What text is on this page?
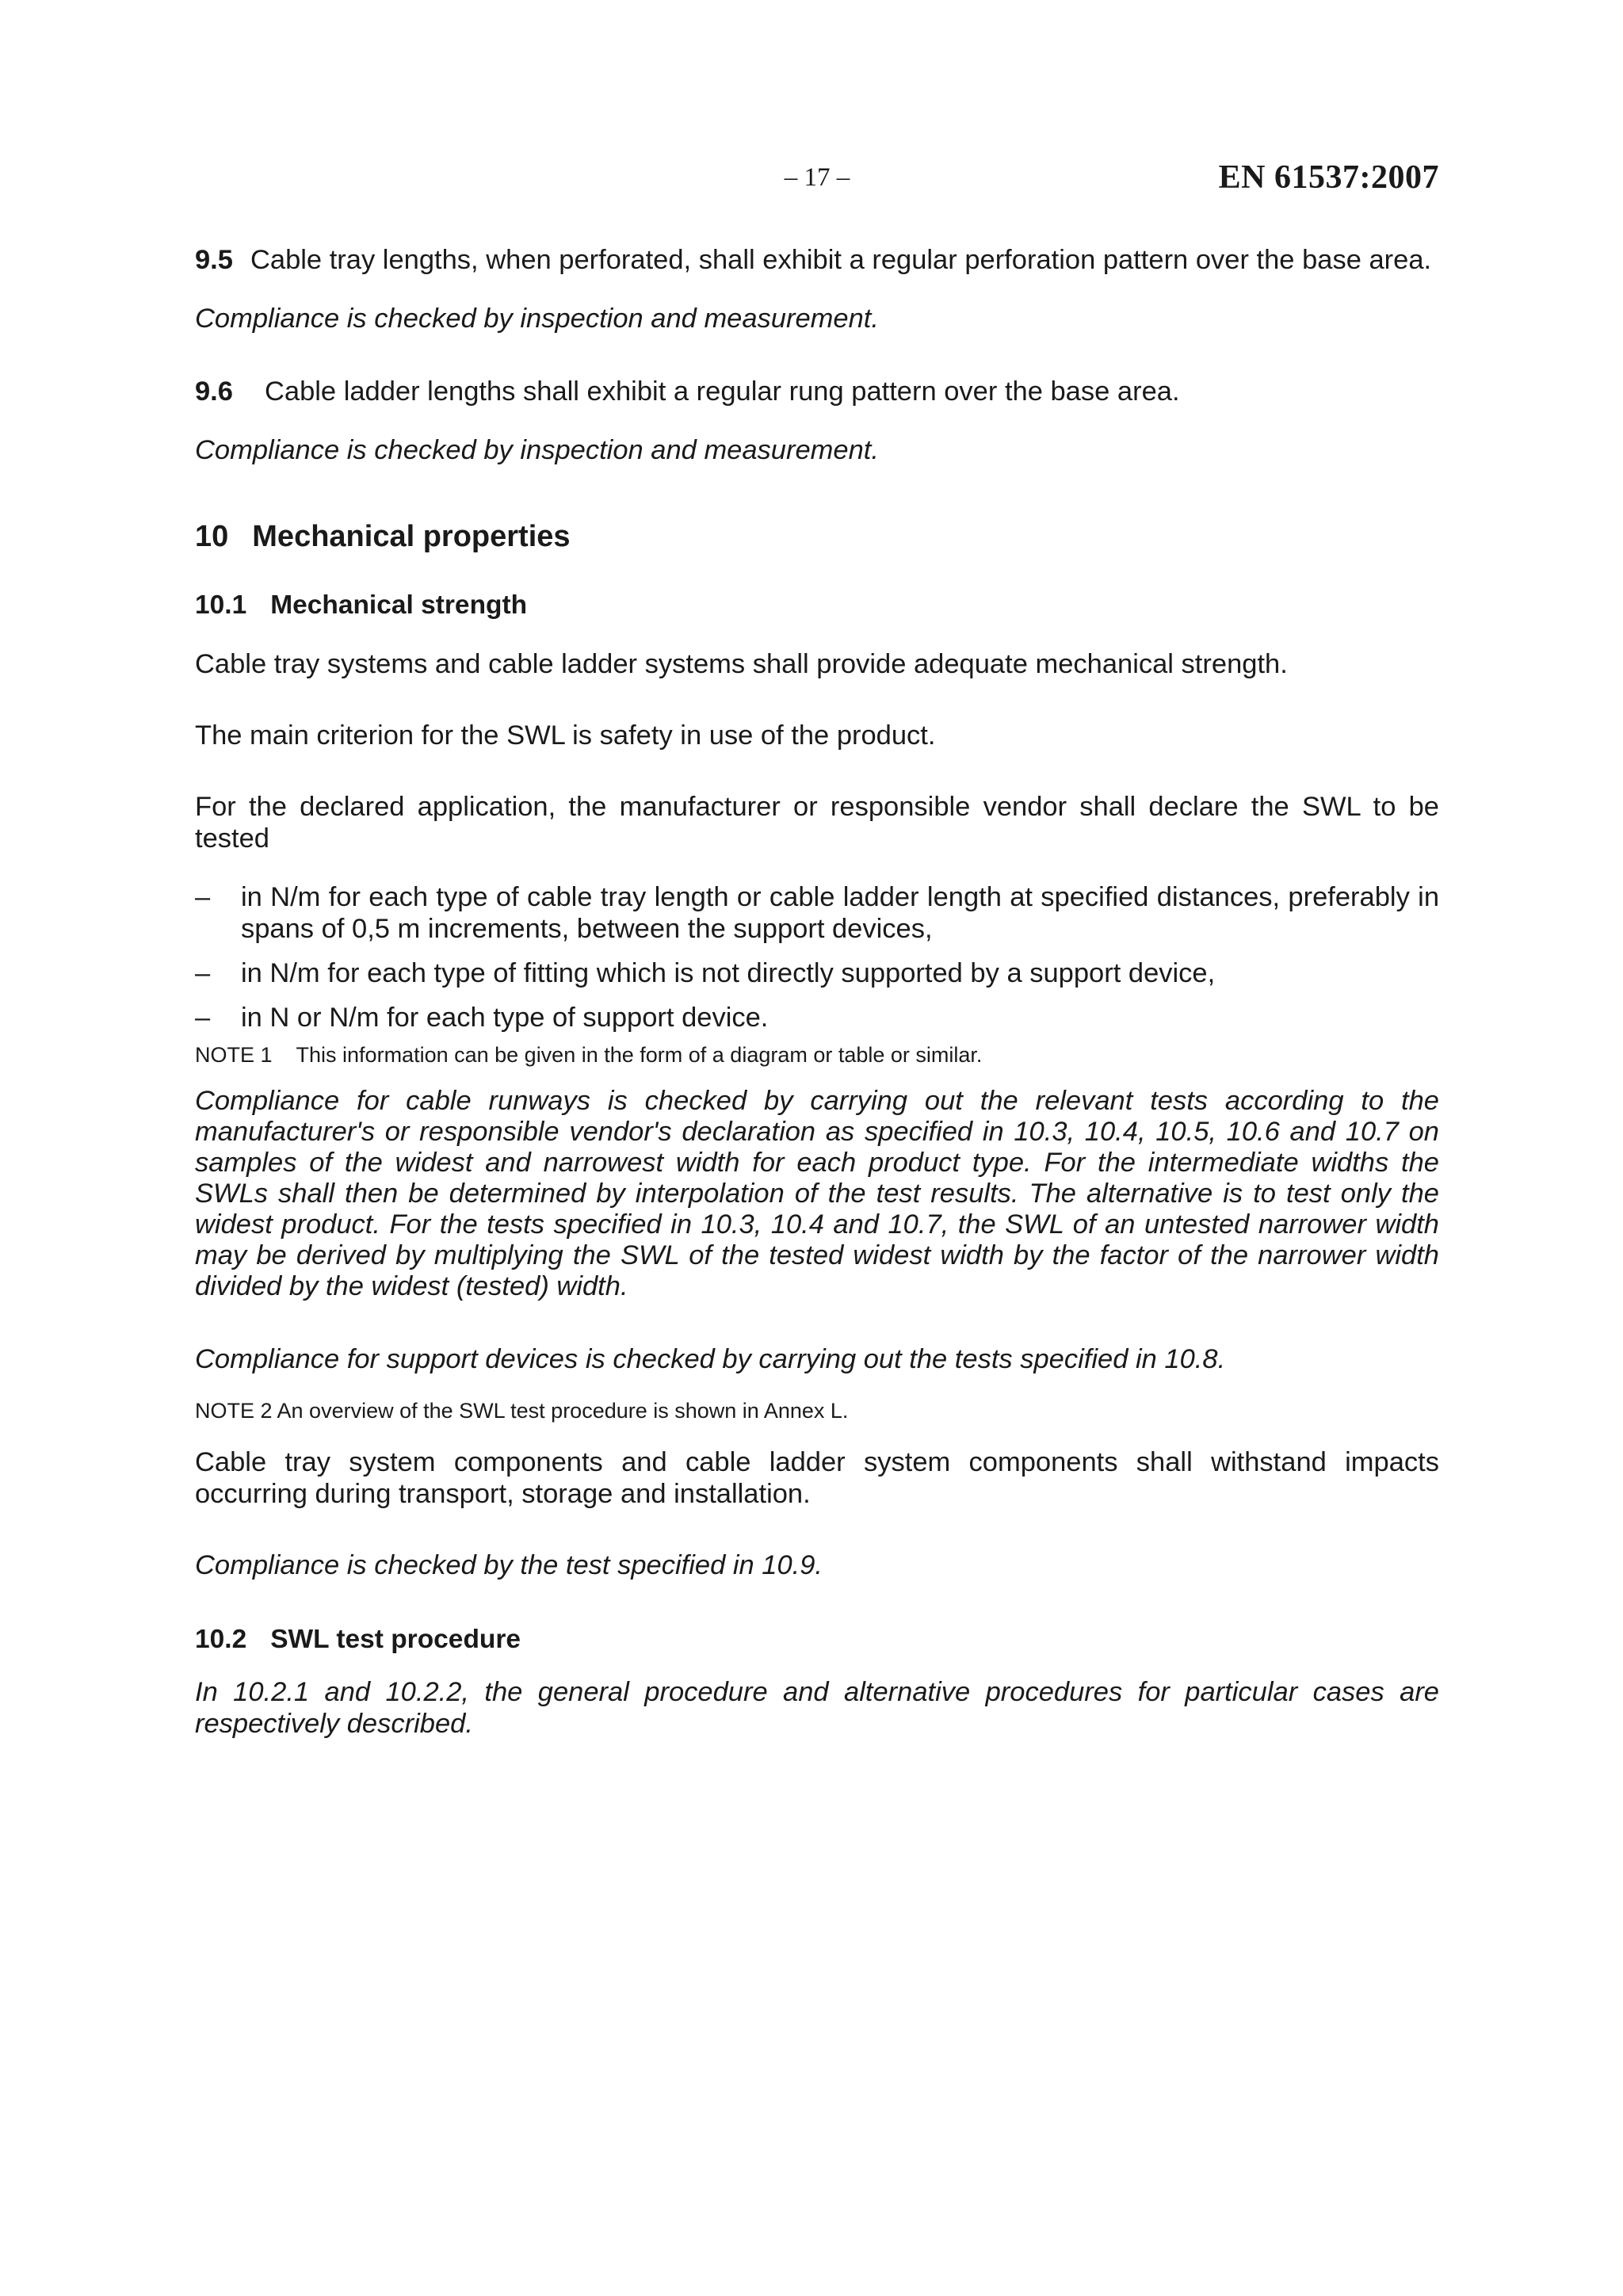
– 17 –	EN 61537:2007

9.5 Cable tray lengths, when perforated, shall exhibit a regular perforation pattern over the base area.

Compliance is checked by inspection and measurement.

9.6 Cable ladder lengths shall exhibit a regular rung pattern over the base area.

Compliance is checked by inspection and measurement.

10 Mechanical properties

10.1 Mechanical strength

Cable tray systems and cable ladder systems shall provide adequate mechanical strength.

The main criterion for the SWL is safety in use of the product.

For the declared application, the manufacturer or responsible vendor shall declare the SWL to be tested

– in N/m for each type of cable tray length or cable ladder length at specified distances, preferably in spans of 0,5 m increments, between the support devices,
– in N/m for each type of fitting which is not directly supported by a support device,
– in N or N/m for each type of support device.

NOTE 1 This information can be given in the form of a diagram or table or similar.

Compliance for cable runways is checked by carrying out the relevant tests according to the manufacturer's or responsible vendor's declaration as specified in 10.3, 10.4, 10.5, 10.6 and 10.7 on samples of the widest and narrowest width for each product type. For the intermediate widths the SWLs shall then be determined by interpolation of the test results. The alternative is to test only the widest product. For the tests specified in 10.3, 10.4 and 10.7, the SWL of an untested narrower width may be derived by multiplying the SWL of the tested widest width by the factor of the narrower width divided by the widest (tested) width.

Compliance for support devices is checked by carrying out the tests specified in 10.8.

NOTE 2 An overview of the SWL test procedure is shown in Annex L.

Cable tray system components and cable ladder system components shall withstand impacts occurring during transport, storage and installation.

Compliance is checked by the test specified in 10.9.

10.2 SWL test procedure

In 10.2.1 and 10.2.2, the general procedure and alternative procedures for particular cases are respectively described.
